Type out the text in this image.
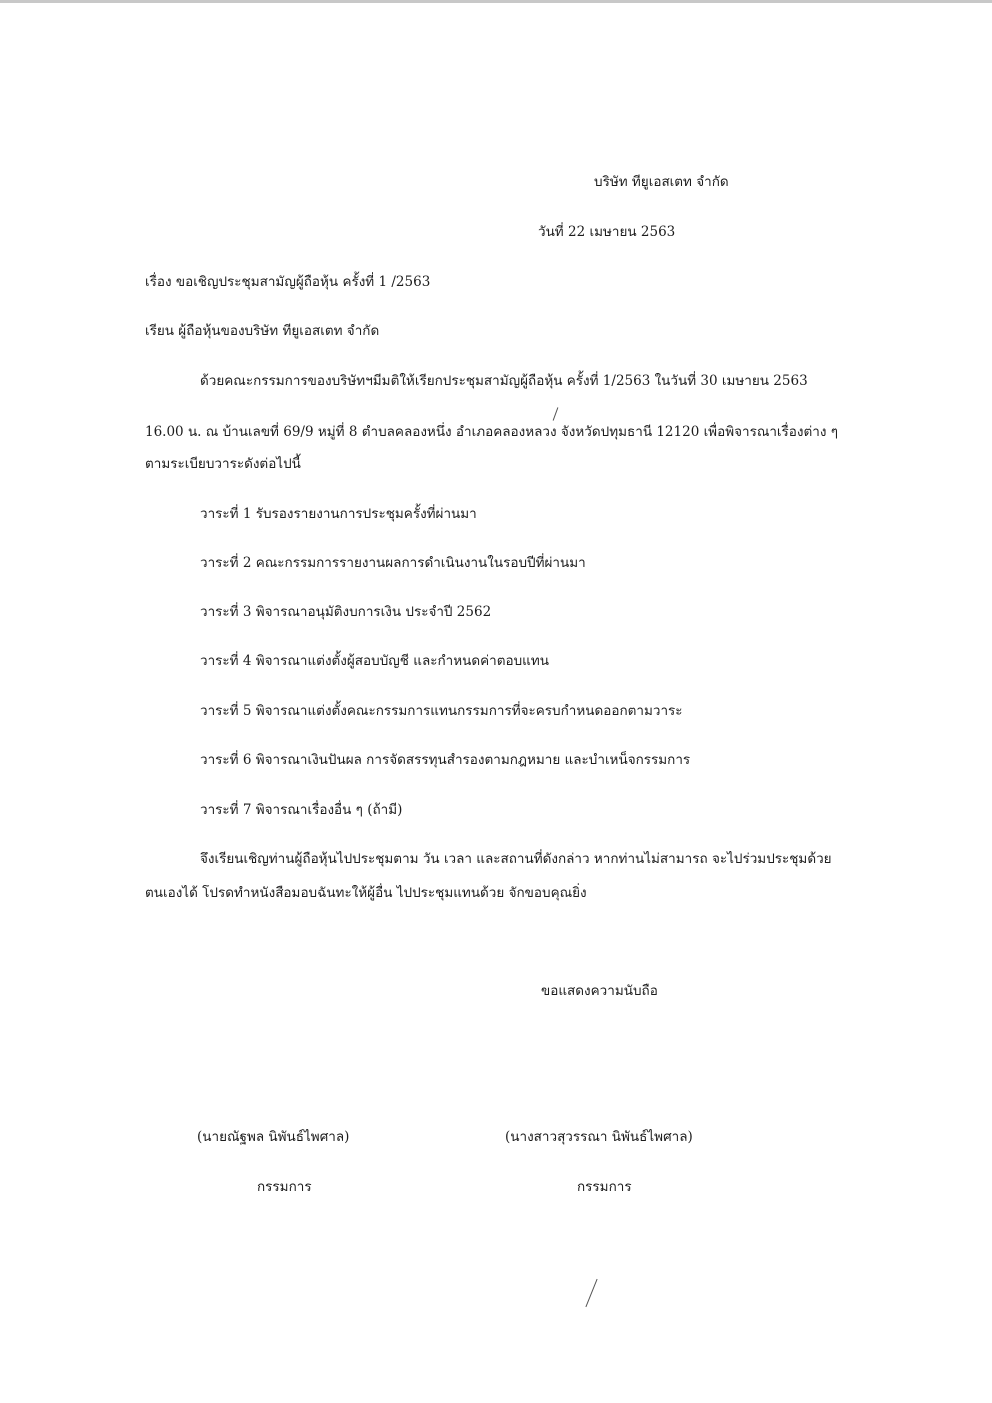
บริษัท ทียูเอสเตท จำกัด
วันที่ 22 เมษายน 2563
เรื่อง ขอเชิญประชุมสามัญผู้ถือหุ้น ครั้งที่ 1 /2563
เรียน ผู้ถือหุ้นของบริษัท ทียูเอสเตท จำกัด
ด้วยคณะกรรมการของบริษัทฯมีมติให้เรียกประชุมสามัญผู้ถือหุ้น ครั้งที่ 1/2563 ในวันที่ 30 เมษายน 2563
16.00 น. ณ บ้านเลขที่ 69/9 หมู่ที่ 8 ตำบลคลองหนึ่ง อำเภอคลองหลวง จังหวัดปทุมธานี 12120 เพื่อพิจารณาเรื่องต่าง ๆ
ตามระเบียบวาระดังต่อไปนี้
วาระที่ 1 รับรองรายงานการประชุมครั้งที่ผ่านมา
วาระที่ 2 คณะกรรมการรายงานผลการดำเนินงานในรอบปีที่ผ่านมา
วาระที่ 3 พิจารณาอนุมัติงบการเงิน ประจำปี 2562
วาระที่ 4 พิจารณาแต่งตั้งผู้สอบบัญชี และกำหนดค่าตอบแทน
วาระที่ 5 พิจารณาแต่งตั้งคณะกรรมการแทนกรรมการที่จะครบกำหนดออกตามวาระ
วาระที่ 6 พิจารณาเงินปันผล การจัดสรรทุนสำรองตามกฎหมาย และบำเหน็จกรรมการ
วาระที่ 7 พิจารณาเรื่องอื่น ๆ (ถ้ามี)
จึงเรียนเชิญท่านผู้ถือหุ้นไปประชุมตาม วัน เวลา และสถานที่ดังกล่าว หากท่านไม่สามารถ จะไปร่วมประชุมด้วย
ตนเองได้ โปรดทำหนังสือมอบฉันทะให้ผู้อื่น ไปประชุมแทนด้วย จักขอบคุณยิ่ง
ขอแสดงความนับถือ
(นายณัฐพล นิพันธ์ไพศาล)	(นางสาวสุวรรณา นิพันธ์ไพศาล)
กรรมการ	กรรมการ
